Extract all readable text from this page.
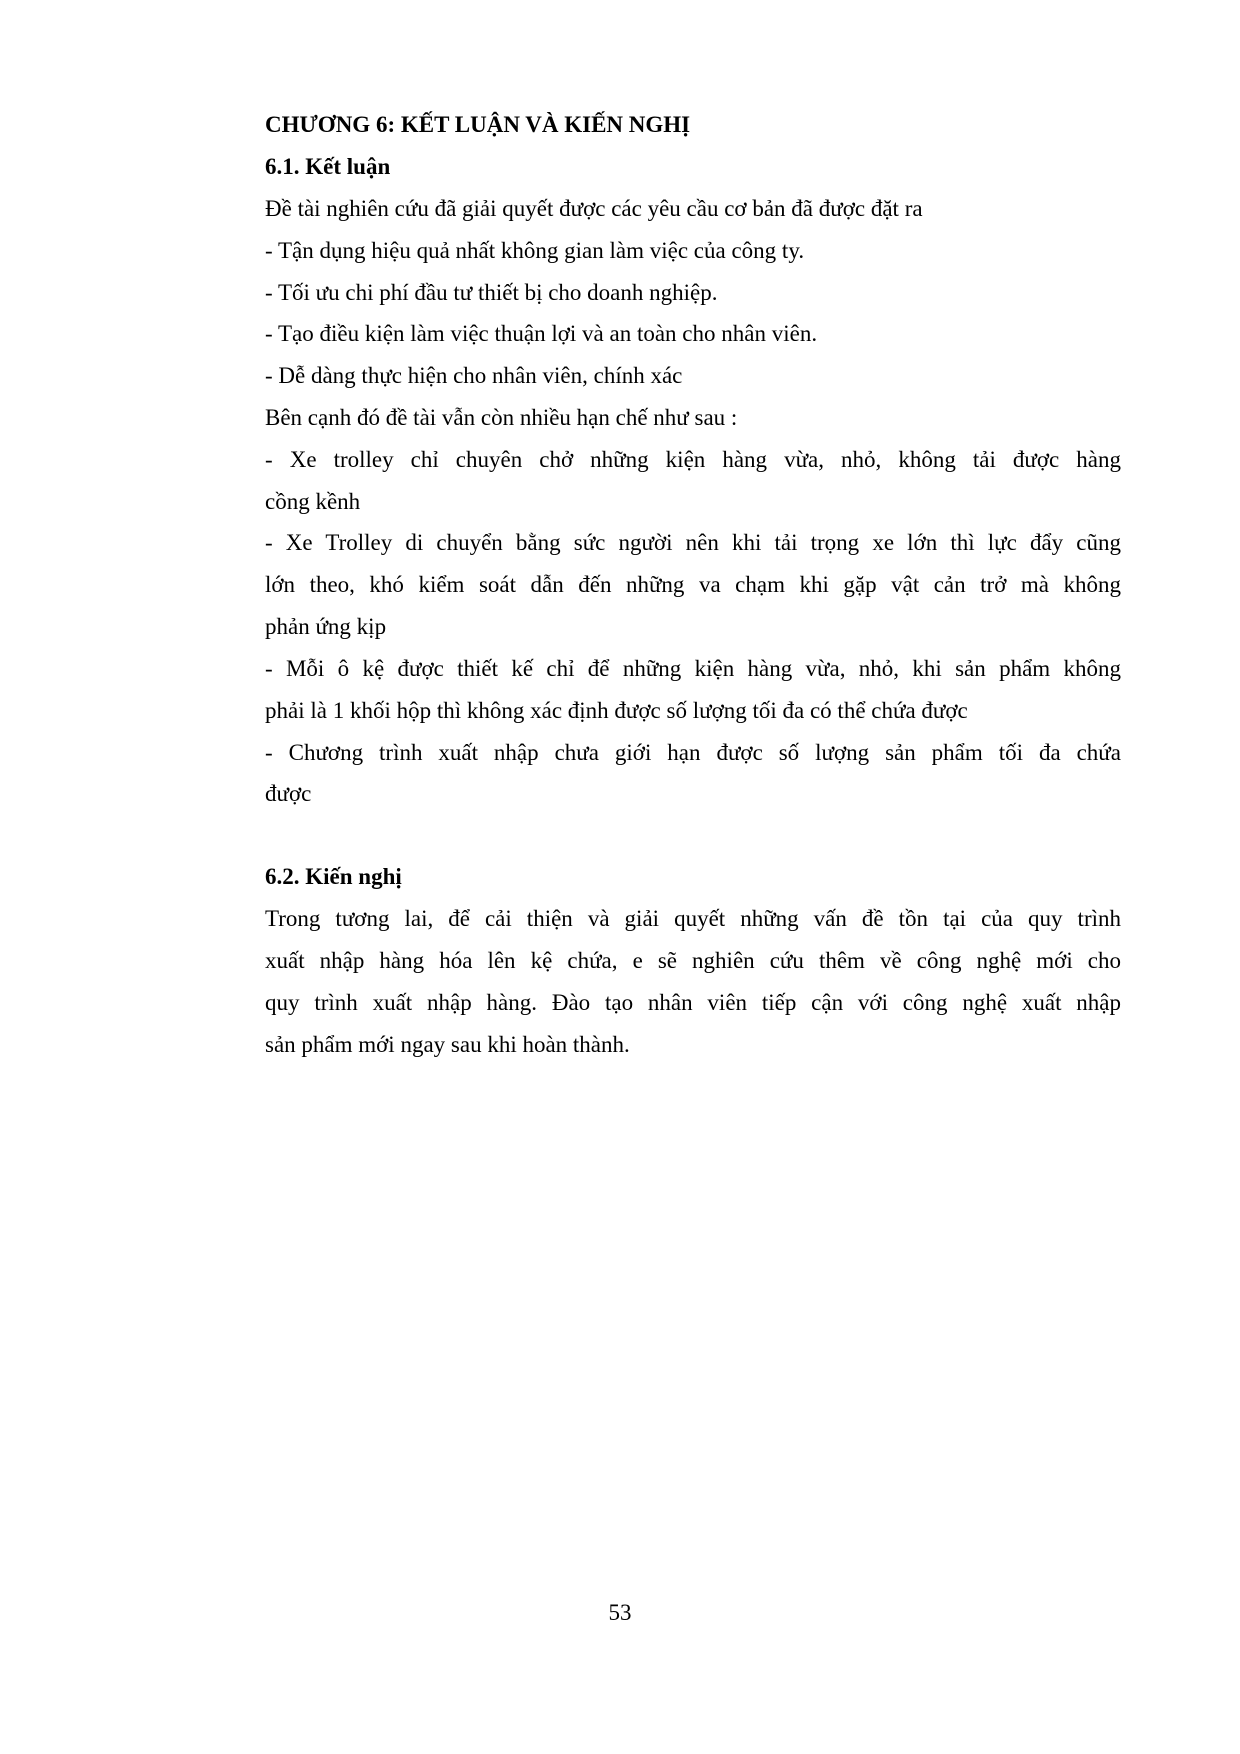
CHƯƠNG 6: KẾT LUẬN VÀ KIẾN NGHỊ
6.1. Kết luận
Đề tài nghiên cứu đã giải quyết được các yêu cầu cơ bản đã được đặt ra
- Tận dụng hiệu quả nhất không gian làm việc của công ty.
- Tối ưu chi phí đầu tư thiết bị cho doanh nghiệp.
- Tạo điều kiện làm việc thuận lợi và an toàn cho nhân viên.
- Dễ dàng thực hiện cho nhân viên, chính xác
Bên cạnh đó đề tài vẫn còn nhiều hạn chế như sau :
- Xe trolley chỉ chuyên chở những kiện hàng vừa, nhỏ, không tải được hàng
cồng kềnh
- Xe Trolley di chuyển bằng sức người nên khi tải trọng xe lớn thì lực đẩy cũng
lớn theo, khó kiểm soát dẫn đến những va chạm khi gặp vật cản trở mà không
phản ứng kịp
- Mỗi ô kệ được thiết kế chỉ để những kiện hàng vừa, nhỏ, khi sản phẩm không
phải là 1 khối hộp thì không xác định được số lượng tối đa có thể chứa được
- Chương trình xuất nhập chưa giới hạn được số lượng sản phẩm tối đa chứa
được
6.2. Kiến nghị
Trong tương lai, để cải thiện và giải quyết những vấn đề tồn tại của quy trình
xuất nhập hàng hóa lên kệ chứa, e sẽ nghiên cứu thêm về công nghệ mới cho
quy trình xuất nhập hàng. Đào tạo nhân viên tiếp cận với công nghệ xuất nhập
sản phẩm mới ngay sau khi hoàn thành.
53
